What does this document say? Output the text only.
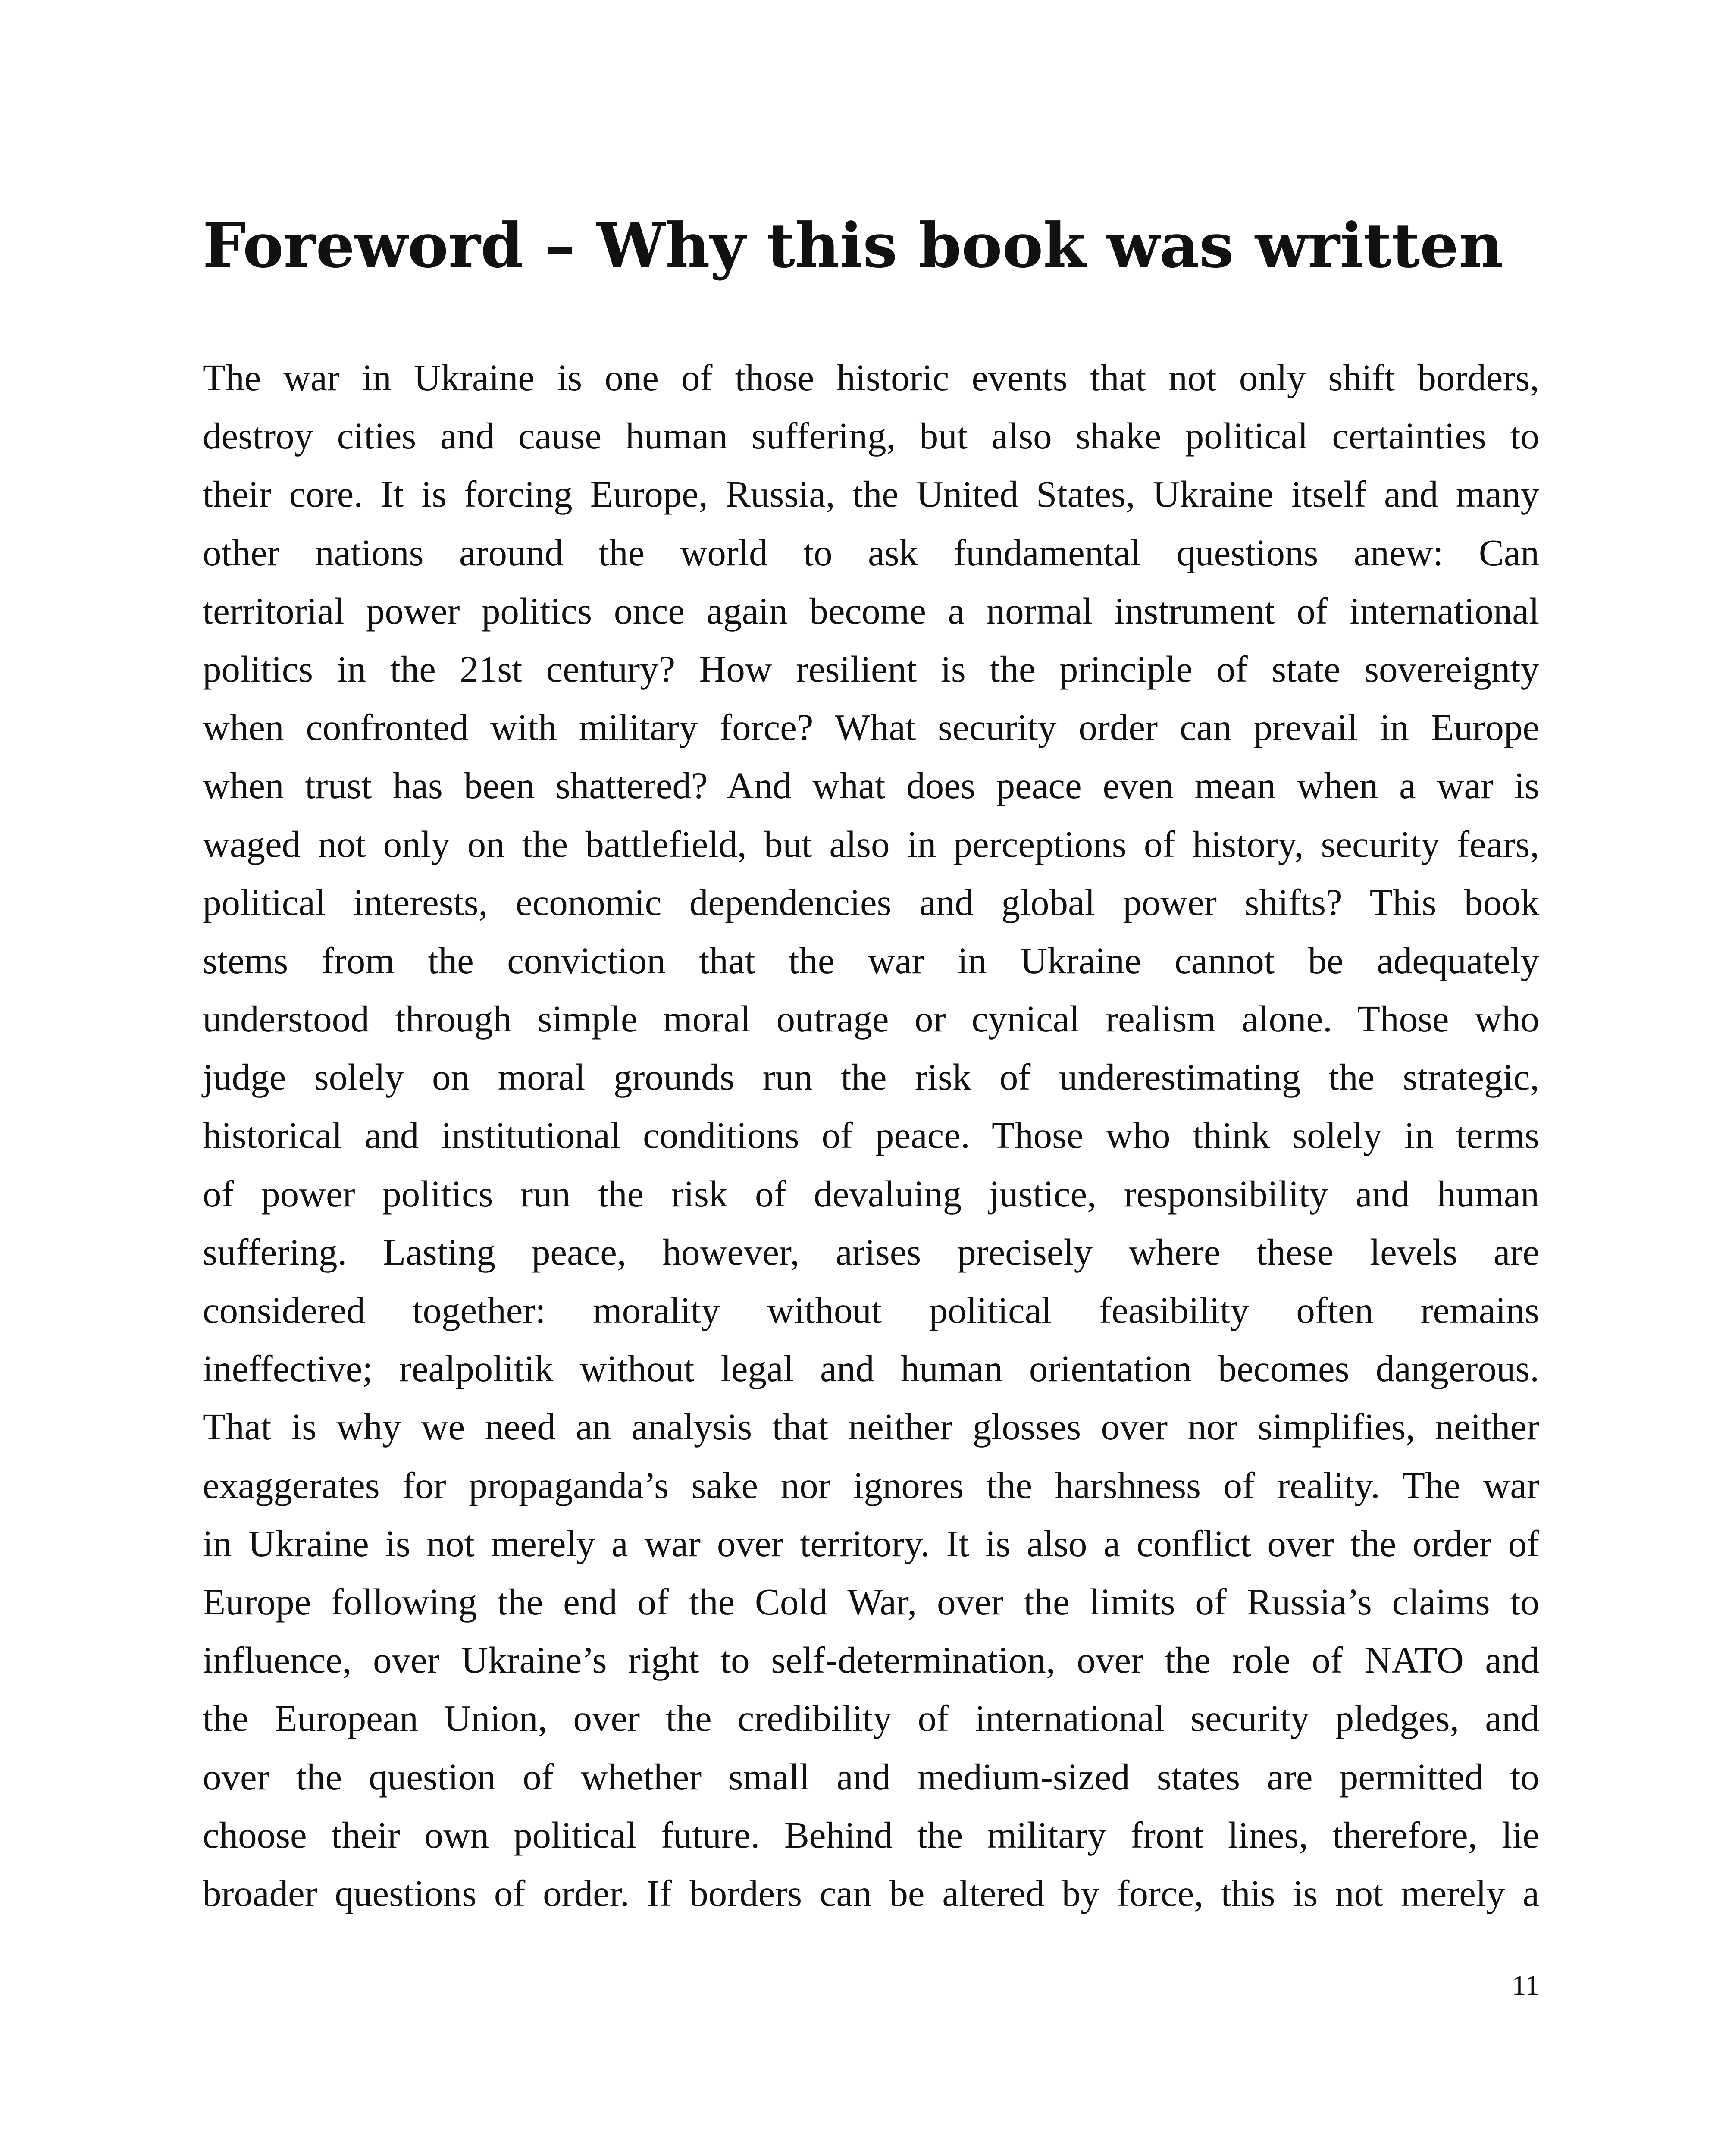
Foreword – Why this book was written
The war in Ukraine is one of those historic events that not only shift borders,
destroy cities and cause human suffering, but also shake political certainties to
their core. It is forcing Europe, Russia, the United States, Ukraine itself and many
other nations around the world to ask fundamental questions anew: Can
territorial power politics once again become a normal instrument of international
politics in the 21st century? How resilient is the principle of state sovereignty
when confronted with military force? What security order can prevail in Europe
when trust has been shattered? And what does peace even mean when a war is
waged not only on the battlefield, but also in perceptions of history, security fears,
political interests, economic dependencies and global power shifts? This book
stems from the conviction that the war in Ukraine cannot be adequately
understood through simple moral outrage or cynical realism alone. Those who
judge solely on moral grounds run the risk of underestimating the strategic,
historical and institutional conditions of peace. Those who think solely in terms
of power politics run the risk of devaluing justice, responsibility and human
suffering. Lasting peace, however, arises precisely where these levels are
considered together: morality without political feasibility often remains
ineffective; realpolitik without legal and human orientation becomes dangerous.
That is why we need an analysis that neither glosses over nor simplifies, neither
exaggerates for propaganda’s sake nor ignores the harshness of reality. The war
in Ukraine is not merely a war over territory. It is also a conflict over the order of
Europe following the end of the Cold War, over the limits of Russia’s claims to
influence, over Ukraine’s right to self-determination, over the role of NATO and
the European Union, over the credibility of international security pledges, and
over the question of whether small and medium-sized states are permitted to
choose their own political future. Behind the military front lines, therefore, lie
broader questions of order. If borders can be altered by force, this is not merely a
11
